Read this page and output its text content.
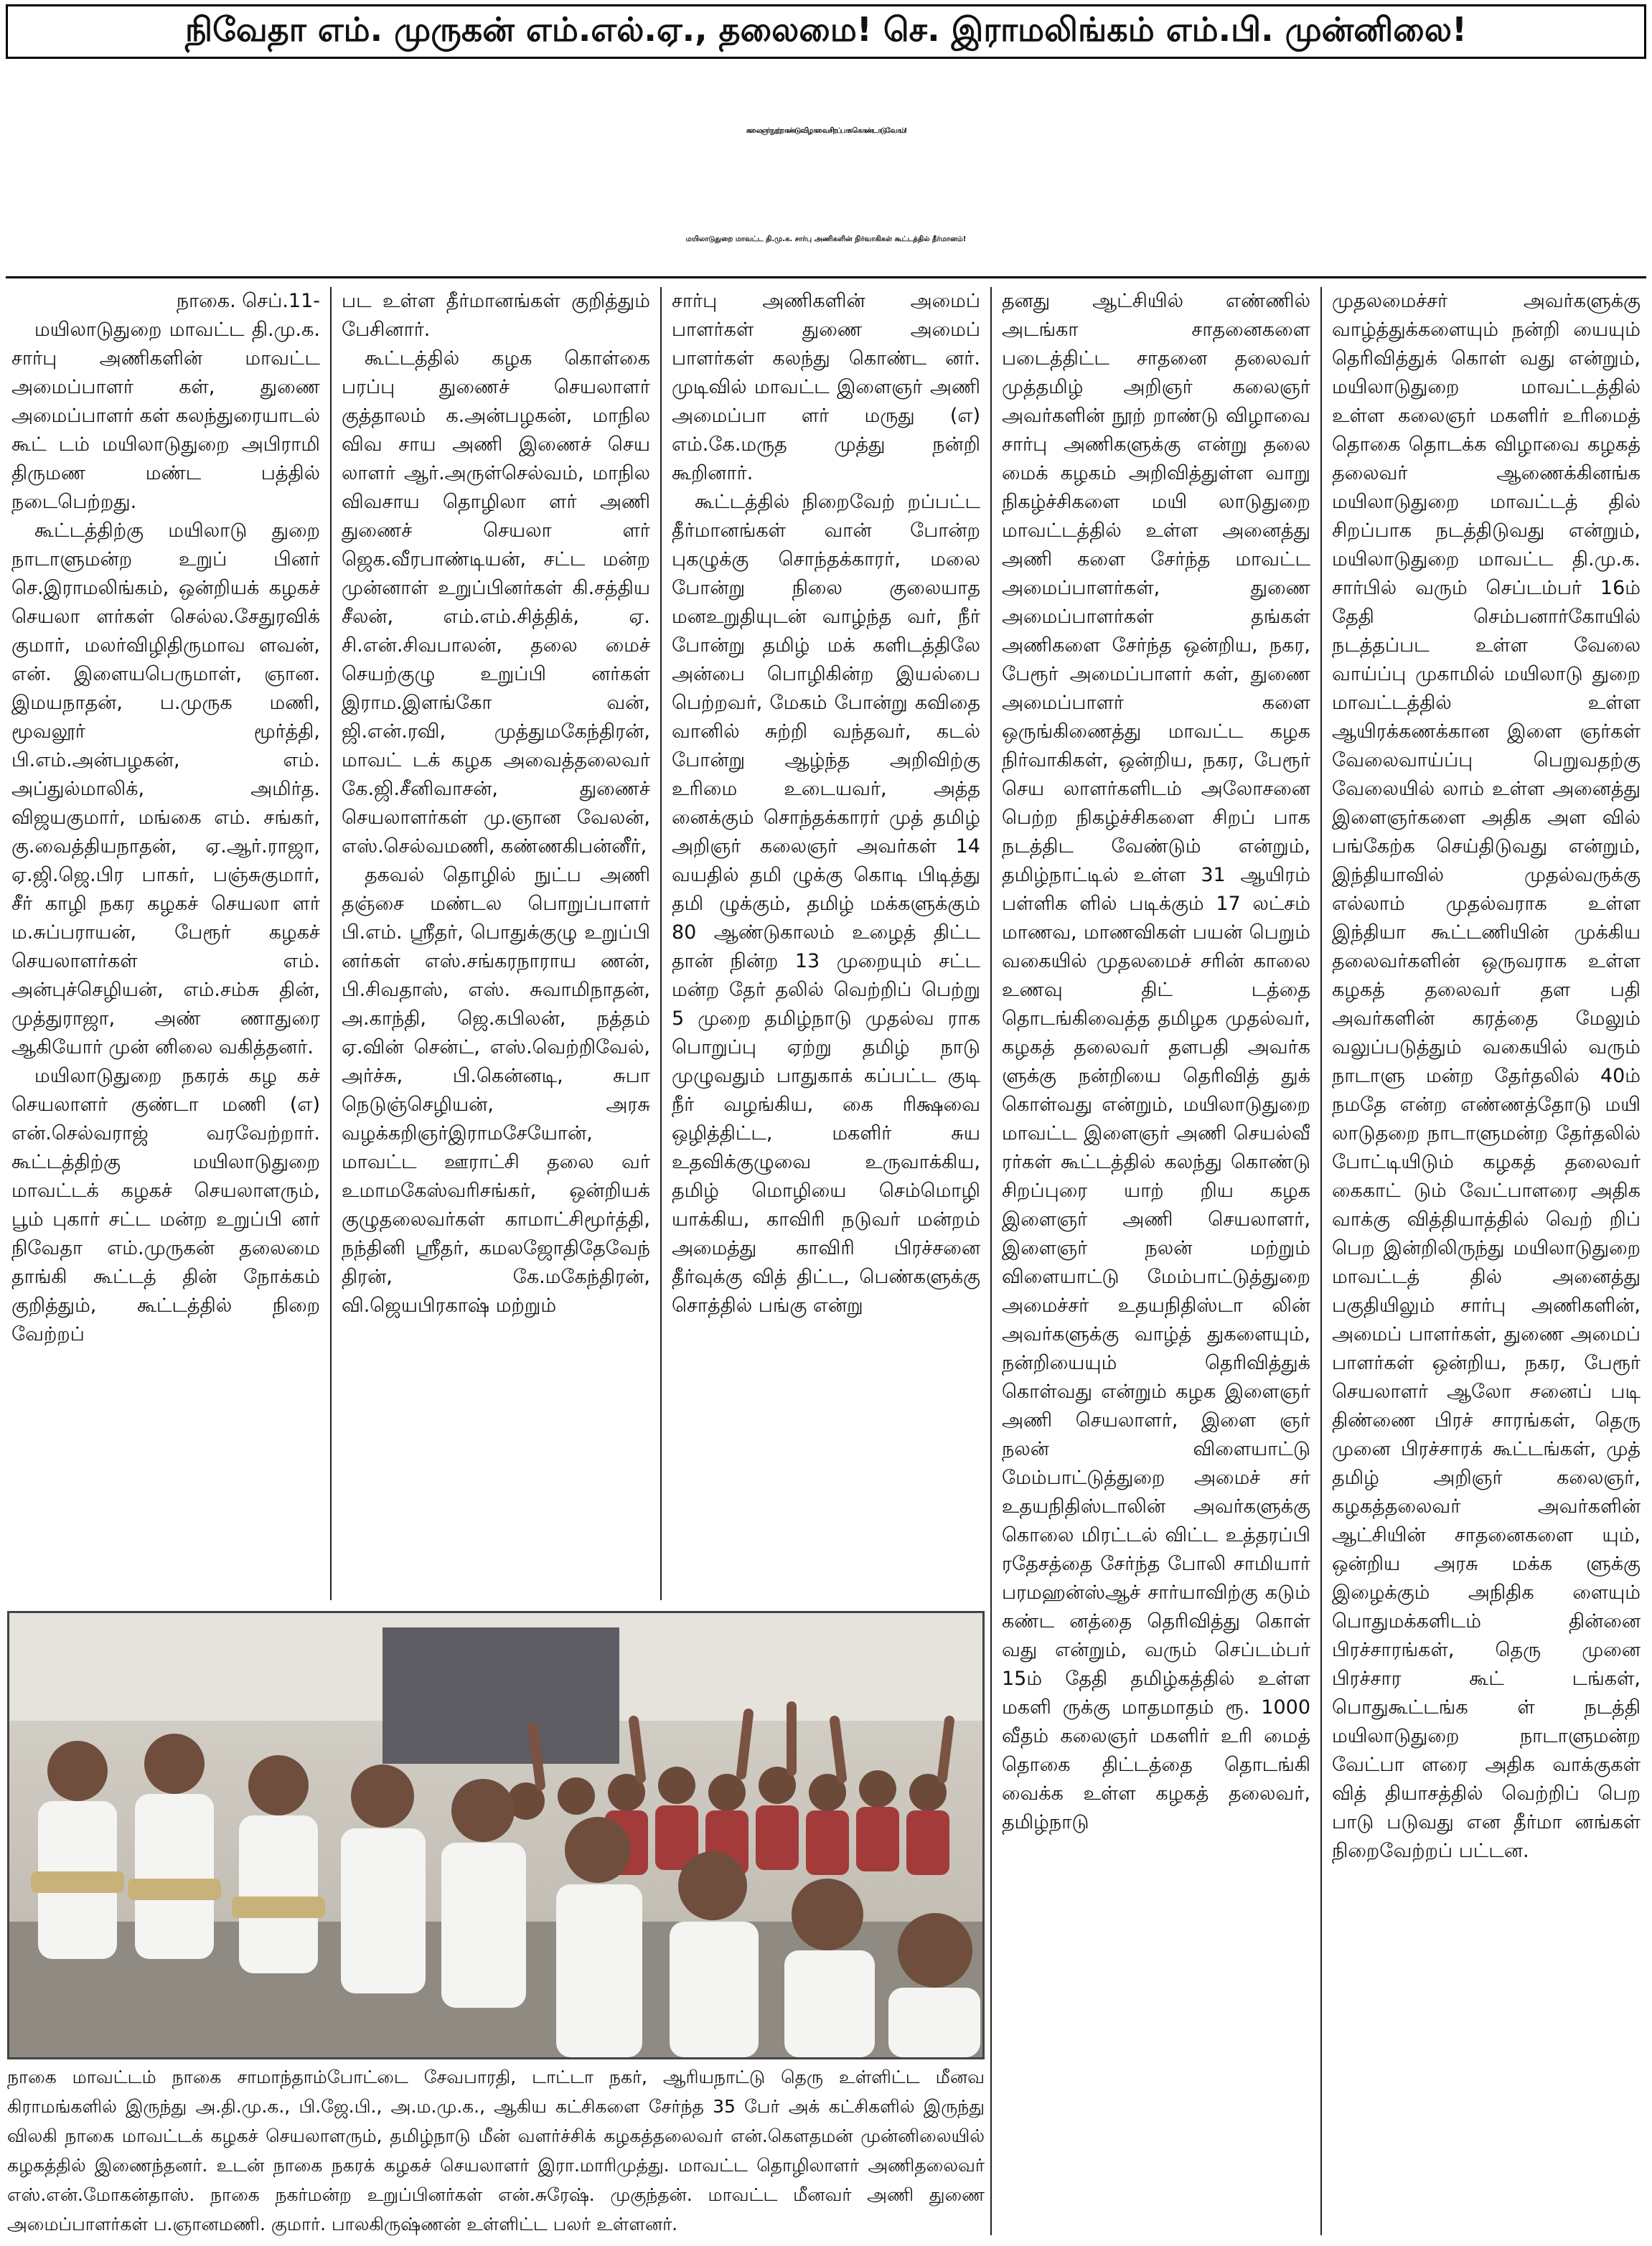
நிவேதா எம். முருகன் எம்.எல்.ஏ., தலைமை! செ. இராமலிங்கம் எம்.பி. முன்னிலை!
கலைஞர் நூற்றாண்டு விழாவை சிறப்பாக கொண்டாடுவோம்!
மயிலாடுதுறை மாவட்ட தி.மு.க. சார்பு அணிகளின் நிர்வாகிகள் கூட்டத்தில் தீர்மானம்!

நாகை. செப்.11-

மயிலாடுதுறை மாவட்ட தி.மு.க. சார்பு அணிகளின் மாவட்ட அமைப்பாளர் கள், துணை அமைப்பாளர் கள் கலந்துரையாடல் கூட் டம் மயிலாடுதுறை அபிராமி திருமண மண்ட பத்தில் நடைபெற்றது.

கூட்டத்திற்கு மயிலாடு துறை நாடாளுமன்ற உறுப் பினர் செ.இராமலிங்கம், ஒன்றியக் கழகச் செயலா ளர்கள் செல்ல.சேதுரவிக் குமார், மலர்விழிதிருமாவ ளவன், என். இளையபெருமாள், ஞான. இமயநாதன், ப.முருக மணி, மூவலூர் மூர்த்தி, பி.எம்.அன்பழகன், எம். அப்துல்மாலிக், அமிர்த. விஜயகுமார், மங்கை எம். சங்கர், கு.வைத்தியநாதன், ஏ.ஆர்.ராஜா, ஏ.ஜி.ஜெ.பிர பாகர், பஞ்சுகுமார், சீர் காழி நகர கழகச் செயலா ளர் ம.சுப்பராயன், பேரூர் கழகச் செயலாளர்கள் எம். அன்புச்செழியன், எம்.சம்சு தின், முத்துராஜா, அண் ணாதுரை ஆகியோர் முன் னிலை வகித்தனர்.

மயிலாடுதுறை நகரக் கழ கச் செயலாளர் குண்டா மணி (எ) என்.செல்வராஜ் வரவேற்றார். கூட்டத்திற்கு மயிலாடுதுறை மாவட்டக் கழகச் செயலாளரும், பூம் புகார் சட்ட மன்ற உறுப்பி னர் நிவேதா எம்.முருகன் தலைமை தாங்கி கூட்டத் தின் நோக்கம் குறித்தும், கூட்டத்தில் நிறை வேற்றப்

பட உள்ள தீர்மானங்கள் குறித்தும் பேசினார்.

கூட்டத்தில் கழக கொள்கை பரப்பு துணைச் செயலாளர் குத்தாலம் க.அன்பழகன், மாநில விவ சாய அணி இணைச் செய லாளர் ஆர்.அருள்செல்வம், மாநில விவசாய தொழிலா ளர் அணி துணைச் செயலா ளர் ஜெக.வீரபாண்டியன், சட்ட மன்ற முன்னாள் உறுப்பினர்கள் கி.சத்திய சீலன், எம்.எம்.சித்திக், ஏ. சி.என்.சிவபாலன், தலை மைச் செயற்குழு உறுப்பி னர்கள் இராம.இளங்கோ வன், ஜி.என்.ரவி, முத்துமகேந்திரன், மாவட் டக் கழக அவைத்தலைவர் கே.ஜி.சீனிவாசன், துணைச் செயலாளர்கள் மு.ஞான வேலன், எஸ்.செல்வமணி, கண்ணகிபன்னீர்,

தகவல் தொழில் நுட்ப அணி தஞ்சை மண்டல பொறுப்பாளர் பி.எம். ஸ்ரீதர், பொதுக்குழு உறுப்பி னர்கள் எஸ்.சங்கரநாராய ணன், பி.சிவதாஸ், எஸ். சுவாமிநாதன், அ.காந்தி, ஜெ.கபிலன், நத்தம் ஏ.வின் சென்ட், எஸ்.வெற்றிவேல், அர்ச்சு, பி.கென்னடி, சுபா நெடுஞ்செழியன், அரசு வழக்கறிஞர்இராமசேயோன், மாவட்ட ஊராட்சி தலை வர் உமாமகேஸ்வரிசங்கர், ஒன்றியக் குழுதலைவர்கள் காமாட்சிமூர்த்தி, நந்தினி ஸ்ரீதர், கமலஜோதிதேவேந் திரன், கே.மகேந்திரன், வி.ஜெயபிரகாஷ் மற்றும்

சார்பு அணிகளின் அமைப் பாளர்கள் துணை அமைப் பாளர்கள் கலந்து கொண்ட னர். முடிவில் மாவட்ட இளைஞர் அணி அமைப்பா ளர் மருது (எ) எம்.கே.மருத முத்து நன்றி கூறினார்.

கூட்டத்தில் நிறைவேற் றப்பட்ட தீர்மானங்கள் வான் போன்ற புகழுக்கு சொந்தக்காரர், மலை போன்று நிலை குலையாத மனஉறுதியுடன் வாழ்ந்த வர், நீர் போன்று தமிழ் மக் களிடத்திலே அன்பை பொழிகின்ற இயல்பை பெற்றவர், மேகம் போன்று கவிதை வானில் சுற்றி வந்தவர், கடல் போன்று ஆழ்ந்த அறிவிற்கு உரிமை உடையவர், அத்த னைக்கும் சொந்தக்காரர் முத் தமிழ் அறிஞர் கலைஞர் அவர்கள் 14 வயதில் தமி ழுக்கு கொடி பிடித்து தமி ழுக்கும், தமிழ் மக்களுக்கும் 80 ஆண்டுகாலம் உழைத் திட்ட தான் நின்ற 13 முறையும் சட்ட மன்ற தேர் தலில் வெற்றிப் பெற்று 5 முறை தமிழ்நாடு முதல்வ ராக பொறுப்பு ஏற்று தமிழ் நாடு முழுவதும் பாதுகாக் கப்பட்ட குடி நீர் வழங்கிய, கை ரிக்ஷவை ஒழித்திட்ட, மகளிர் சுய உதவிக்குழுவை உருவாக்கிய, தமிழ் மொழியை செம்மொழி யாக்கிய, காவிரி நடுவர் மன்றம் அமைத்து காவிரி பிரச்சனை தீர்வுக்கு வித் திட்ட, பெண்களுக்கு சொத்தில் பங்கு என்று

தனது ஆட்சியில் எண்ணில் அடங்கா சாதனைகளை படைத்திட்ட சாதனை தலைவர் முத்தமிழ் அறிஞர் கலைஞர் அவர்களின் நூற் றாண்டு விழாவை சார்பு அணிகளுக்கு என்று தலை மைக் கழகம் அறிவித்துள்ள வாறு நிகழ்ச்சிகளை மயி லாடுதுறை மாவட்டத்தில் உள்ள அனைத்து அணி களை சேர்ந்த மாவட்ட அமைப்பாளர்கள், துணை அமைப்பாளர்கள் தங்கள் அணிகளை சேர்ந்த ஒன்றிய, நகர, பேரூர் அமைப்பாளர் கள், துணை அமைப்பாளர் களை ஒருங்கிணைத்து மாவட்ட கழக நிர்வாகிகள், ஒன்றிய, நகர, பேரூர் செய லாளர்களிடம் அலோசனை பெற்ற நிகழ்ச்சிகளை சிறப் பாக நடத்திட வேண்டும் என்றும், தமிழ்நாட்டில் உள்ள 31 ஆயிரம் பள்ளிக ளில் படிக்கும் 17 லட்சம் மாணவ, மாணவிகள் பயன் பெறும் வகையில் முதலமைச் சரின் காலை உணவு திட் டத்தை தொடங்கிவைத்த தமிழக முதல்வர், கழகத் தலைவர் தளபதி அவர்க ளுக்கு நன்றியை தெரிவித் துக் கொள்வது என்றும், மயிலாடுதுறை மாவட்ட இளைஞர் அணி செயல்வீ ரர்கள் கூட்டத்தில் கலந்து கொண்டு சிறப்புரை யாற் றிய கழக இளைஞர் அணி செயலாளர், இளைஞர் நலன் மற்றும் விளையாட்டு மேம்பாட்டுத்துறை அமைச்சர் உதயநிதிஸ்டா லின் அவர்களுக்கு வாழ்த் துகளையும், நன்றியையும் தெரிவித்துக் கொள்வது என்றும் கழக இளைஞர் அணி செயலாளர், இளை ஞர் நலன் விளையாட்டு மேம்பாட்டுத்துறை அமைச் சர் உதயநிதிஸ்டாலின் அவர்களுக்கு கொலை மிரட்டல் விட்ட உத்தரப்பி ரதேசத்தை சேர்ந்த போலி சாமியார் பரமஹன்ஸ்ஆச் சார்யாவிற்கு கடும் கண்ட னத்தை தெரிவித்து கொள் வது என்றும், வரும் செப்டம்பர் 15ம் தேதி தமிழ்கத்தில் உள்ள மகளி ருக்கு மாதமாதம் ரூ. 1000 வீதம் கலைஞர் மகளிர் உரி மைத் தொகை திட்டத்தை தொடங்கி வைக்க உள்ள கழகத் தலைவர், தமிழ்நாடு

முதலமைச்சர் அவர்களுக்கு வாழ்த்துக்களையும் நன்றி யையும் தெரிவித்துக் கொள் வது என்றும், மயிலாடுதுறை மாவட்டத்தில் உள்ள கலைஞர் மகளிர் உரிமைத் தொகை தொடக்க விழாவை கழகத் தலைவர் ஆணைக்கினங்க மயிலாடுதுறை மாவட்டத் தில் சிறப்பாக நடத்திடுவது என்றும், மயிலாடுதுறை மாவட்ட தி.மு.க. சார்பில் வரும் செப்டம்பர் 16ம் தேதி செம்பனார்கோயில் நடத்தப்பட உள்ள வேலை வாய்ப்பு முகாமில் மயிலாடு துறை மாவட்டத்தில் உள்ள ஆயிரக்கணக்கான இளை ஞர்கள் வேலைவாய்ப்பு பெறுவதற்கு வேலையில் லாம் உள்ள அனைத்து இளைஞர்களை அதிக அள வில் பங்கேற்க செய்திடுவது என்றும், இந்தியாவில் முதல்வருக்கு எல்லாம் முதல்வராக உள்ள இந்தியா கூட்டணியின் முக்கிய தலைவர்களின் ஒருவராக உள்ள கழகத் தலைவர் தள பதி அவர்களின் கரத்தை மேலும் வலுப்படுத்தும் வகையில் வரும் நாடாளு மன்ற தேர்தலில் 40ம் நமதே என்ற எண்ணத்தோடு மயி லாடுதறை நாடாளுமன்ற தேர்தலில் போட்டியிடும் கழகத் தலைவர் கைகாட் டும் வேட்பாளரை அதிக வாக்கு வித்தியாத்தில் வெற் றிப் பெற இன்றிலிருந்து மயிலாடுதுறை மாவட்டத் தில் அனைத்து பகுதியிலும் சார்பு அணிகளின், அமைப் பாளர்கள், துணை அமைப் பாளர்கள் ஒன்றிய, நகர, பேரூர் செயலாளர் ஆலோ சனைப் படி திண்ணை பிரச் சாரங்கள், தெரு முனை பிரச்சாரக் கூட்டங்கள், முத் தமிழ் அறிஞர் கலைஞர், கழகத்தலைவர் அவர்களின் ஆட்சியின் சாதனைகளை யும், ஒன்றிய அரசு மக்க ளுக்கு இழைக்கும் அநிதிக ளையும் பொதுமக்களிடம் தின்னை பிரச்சாரங்கள், தெரு முனை பிரச்சார கூட் டங்கள், பொதுகூட்டங்க ள் நடத்தி மயிலாடுதுறை நாடாளுமன்ற வேட்பா ளரை அதிக வாக்குகள் வித் தியாசத்தில் வெற்றிப் பெற பாடு படுவது என தீர்மா னங்கள் நிறைவேற்றப் பட்டன.

நாகை மாவட்டம் நாகை சாமாந்தாம்போட்டை சேவபாரதி, டாட்டா நகர், ஆரியநாட்டு தெரு உள்ளிட்ட மீனவ கிராமங்களில் இருந்து அ.தி.மு.க., பி.ஜே.பி., அ.ம.மு.க., ஆகிய கட்சிகளை சேர்ந்த 35 பேர் அக் கட்சிகளில் இருந்து விலகி நாகை மாவட்டக் கழகச் செயலாளரும், தமிழ்நாடு மீன் வளர்ச்சிக் கழகத்தலைவர் என்.கௌதமன் முன்னிலையில் கழகத்தில் இணைந்தனர். உடன் நாகை நகரக் கழகச் செயலாளர் இரா.மாரிமுத்து. மாவட்ட தொழிலாளர் அணிதலைவர் எஸ்.என்.மோகன்தாஸ். நாகை நகர்மன்ற உறுப்பினர்கள் என்.சுரேஷ். முகுந்தன். மாவட்ட மீனவர் அணி துணை அமைப்பாளர்கள் ப.ஞானமணி. குமார். பாலகிருஷ்ணன் உள்ளிட்ட பலர் உள்ளனர்.
